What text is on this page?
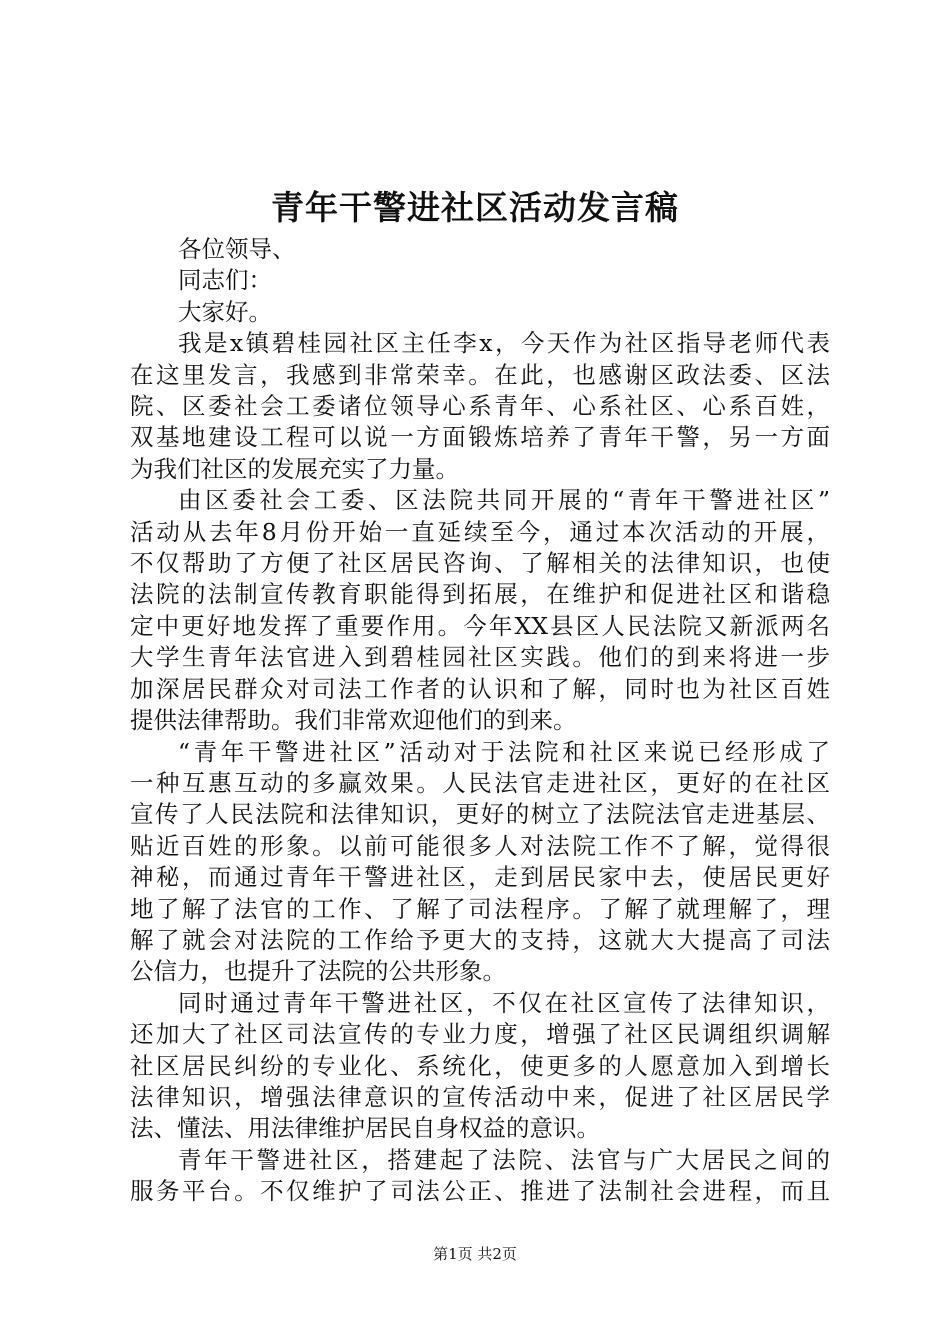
青年干警进社区活动发言稿
各位领导、
同志们：
大家好。
我是x镇碧桂园社区主任李x，今天作为社区指导老师代表
在这里发言，我感到非常荣幸。在此，也感谢区政法委、区法
院、区委社会工委诸位领导心系青年、心系社区、心系百姓，
双基地建设工程可以说一方面锻炼培养了青年干警，另一方面
为我们社区的发展充实了力量。
由区委社会工委、区法院共同开展的“青年干警进社区”
活动从去年8月份开始一直延续至今，通过本次活动的开展，
不仅帮助了方便了社区居民咨询、了解相关的法律知识，也使
法院的法制宣传教育职能得到拓展，在维护和促进社区和谐稳
定中更好地发挥了重要作用。今年XX县区人民法院又新派两名
大学生青年法官进入到碧桂园社区实践。他们的到来将进一步
加深居民群众对司法工作者的认识和了解，同时也为社区百姓
提供法律帮助。我们非常欢迎他们的到来。
“青年干警进社区”活动对于法院和社区来说已经形成了
一种互惠互动的多赢效果。人民法官走进社区，更好的在社区
宣传了人民法院和法律知识，更好的树立了法院法官走进基层、
贴近百姓的形象。以前可能很多人对法院工作不了解，觉得很
神秘，而通过青年干警进社区，走到居民家中去，使居民更好
地了解了法官的工作、了解了司法程序。了解了就理解了，理
解了就会对法院的工作给予更大的支持，这就大大提高了司法
公信力，也提升了法院的公共形象。
同时通过青年干警进社区，不仅在社区宣传了法律知识，
还加大了社区司法宣传的专业力度，增强了社区民调组织调解
社区居民纠纷的专业化、系统化，使更多的人愿意加入到增长
法律知识，增强法律意识的宣传活动中来，促进了社区居民学
法、懂法、用法律维护居民自身权益的意识。
青年干警进社区，搭建起了法院、法官与广大居民之间的
服务平台。不仅维护了司法公正、推进了法制社会进程，而且
第1页 共2页
